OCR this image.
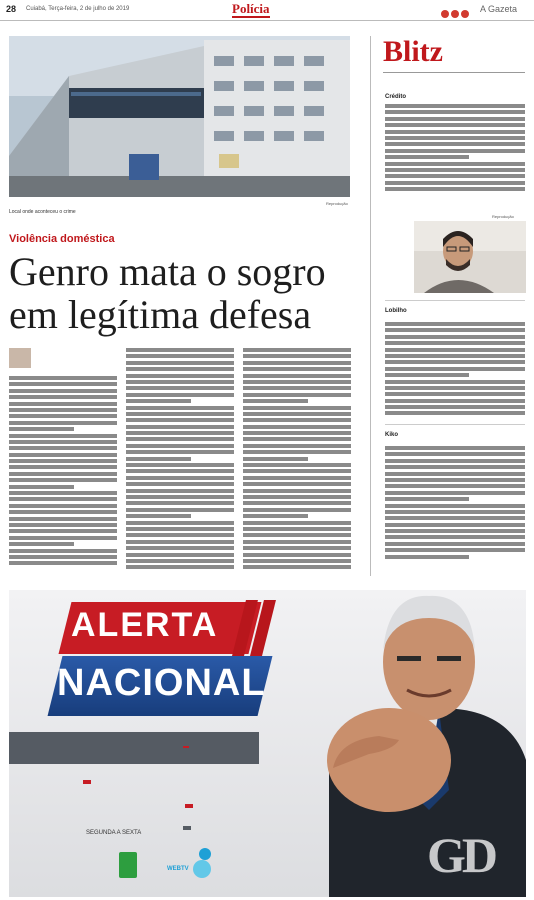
28 Cuiabá, Terça-feira, 2 de julho de 2019	Polícia	A Gazeta
Reprodução
Local onde aconteceu o crime
Violência doméstica
Genro mata o sogro em legítima defesa
Blitz
Crédito
Reprodução
Lobilho
Kiko
ALERTA
NACIONAL
SEGUNDA A SEXTA
WEBTV	GD
